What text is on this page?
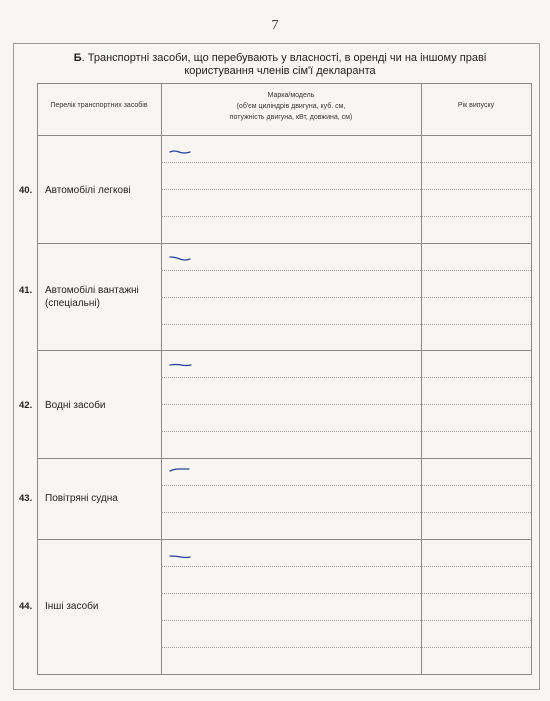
7
Б. Транспортні засоби, що перебувають у власності, в оренді чи на іншому праві
користування членів сім'ї декларанта
Перелік транспортних засобів
Марка/модель
(об'єм циліндрів двигуна, куб. см,
потужність двигуна, кВт, довжина, см)
Рік випуску
40. Автомобілі легкові
41. Автомобілі вантажні (спеціальні)
42. Водні засоби
43. Повітряні судна
44. Інші засоби
